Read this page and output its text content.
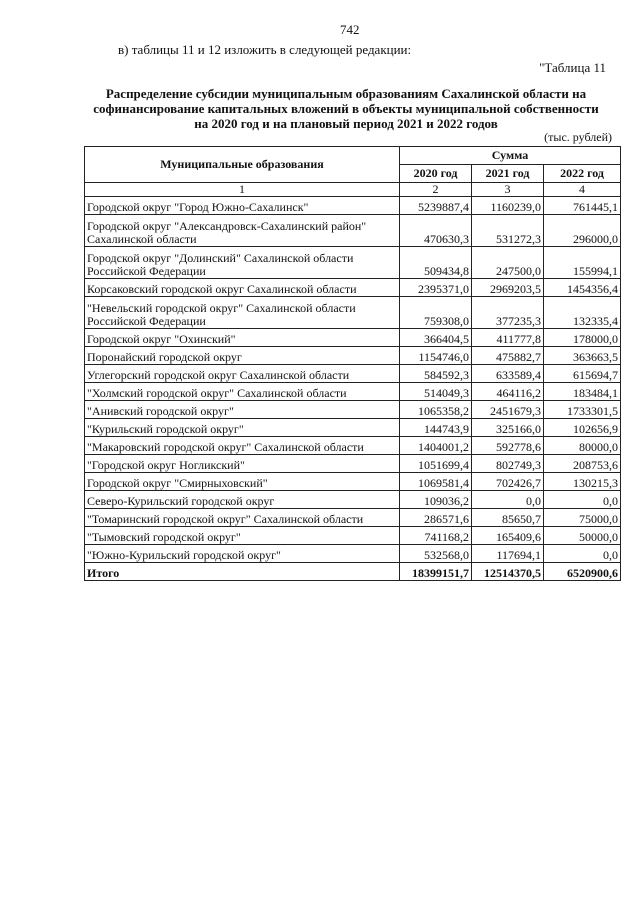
742
в) таблицы 11 и 12 изложить в следующей редакции:
"Таблица 11
Распределение субсидии муниципальным образованиям Сахалинской области на софинансирование капитальных вложений в объекты муниципальной собственности на 2020 год и на плановый период 2021 и 2022 годов
(тыс. рублей)
Муниципальные образования	Сумма		
	2020 год	2021 год	2022 год
1	2	3	4
Городской округ "Город Южно-Сахалинск"	5239887,4	1160239,0	761445,1
Городской округ "Александровск-Сахалинский район" Сахалинской области	470630,3	531272,3	296000,0
Городской округ "Долинский" Сахалинской области Российской Федерации	509434,8	247500,0	155994,1
Корсаковский городской округ Сахалинской области	2395371,0	2969203,5	1454356,4
"Невельский городской округ" Сахалинской области Российской Федерации	759308,0	377235,3	132335,4
Городской округ "Охинский"	366404,5	411777,8	178000,0
Поронайский городской округ	1154746,0	475882,7	363663,5
Углегорский городской округ Сахалинской области	584592,3	633589,4	615694,7
"Холмский городской округ" Сахалинской области	514049,3	464116,2	183484,1
"Анивский городской округ"	1065358,2	2451679,3	1733301,5
"Курильский городской округ"	144743,9	325166,0	102656,9
"Макаровский городской округ" Сахалинской области	1404001,2	592778,6	80000,0
"Городской округ Ногликский"	1051699,4	802749,3	208753,6
Городской округ "Смирныховский"	1069581,4	702426,7	130215,3
Северо-Курильский городской округ	109036,2	0,0	0,0
"Томаринский городской округ" Сахалинской области	286571,6	85650,7	75000,0
"Тымовский городской округ"	741168,2	165409,6	50000,0
"Южно-Курильский городской округ"	532568,0	117694,1	0,0
Итого	18399151,7	12514370,5	6520900,6
